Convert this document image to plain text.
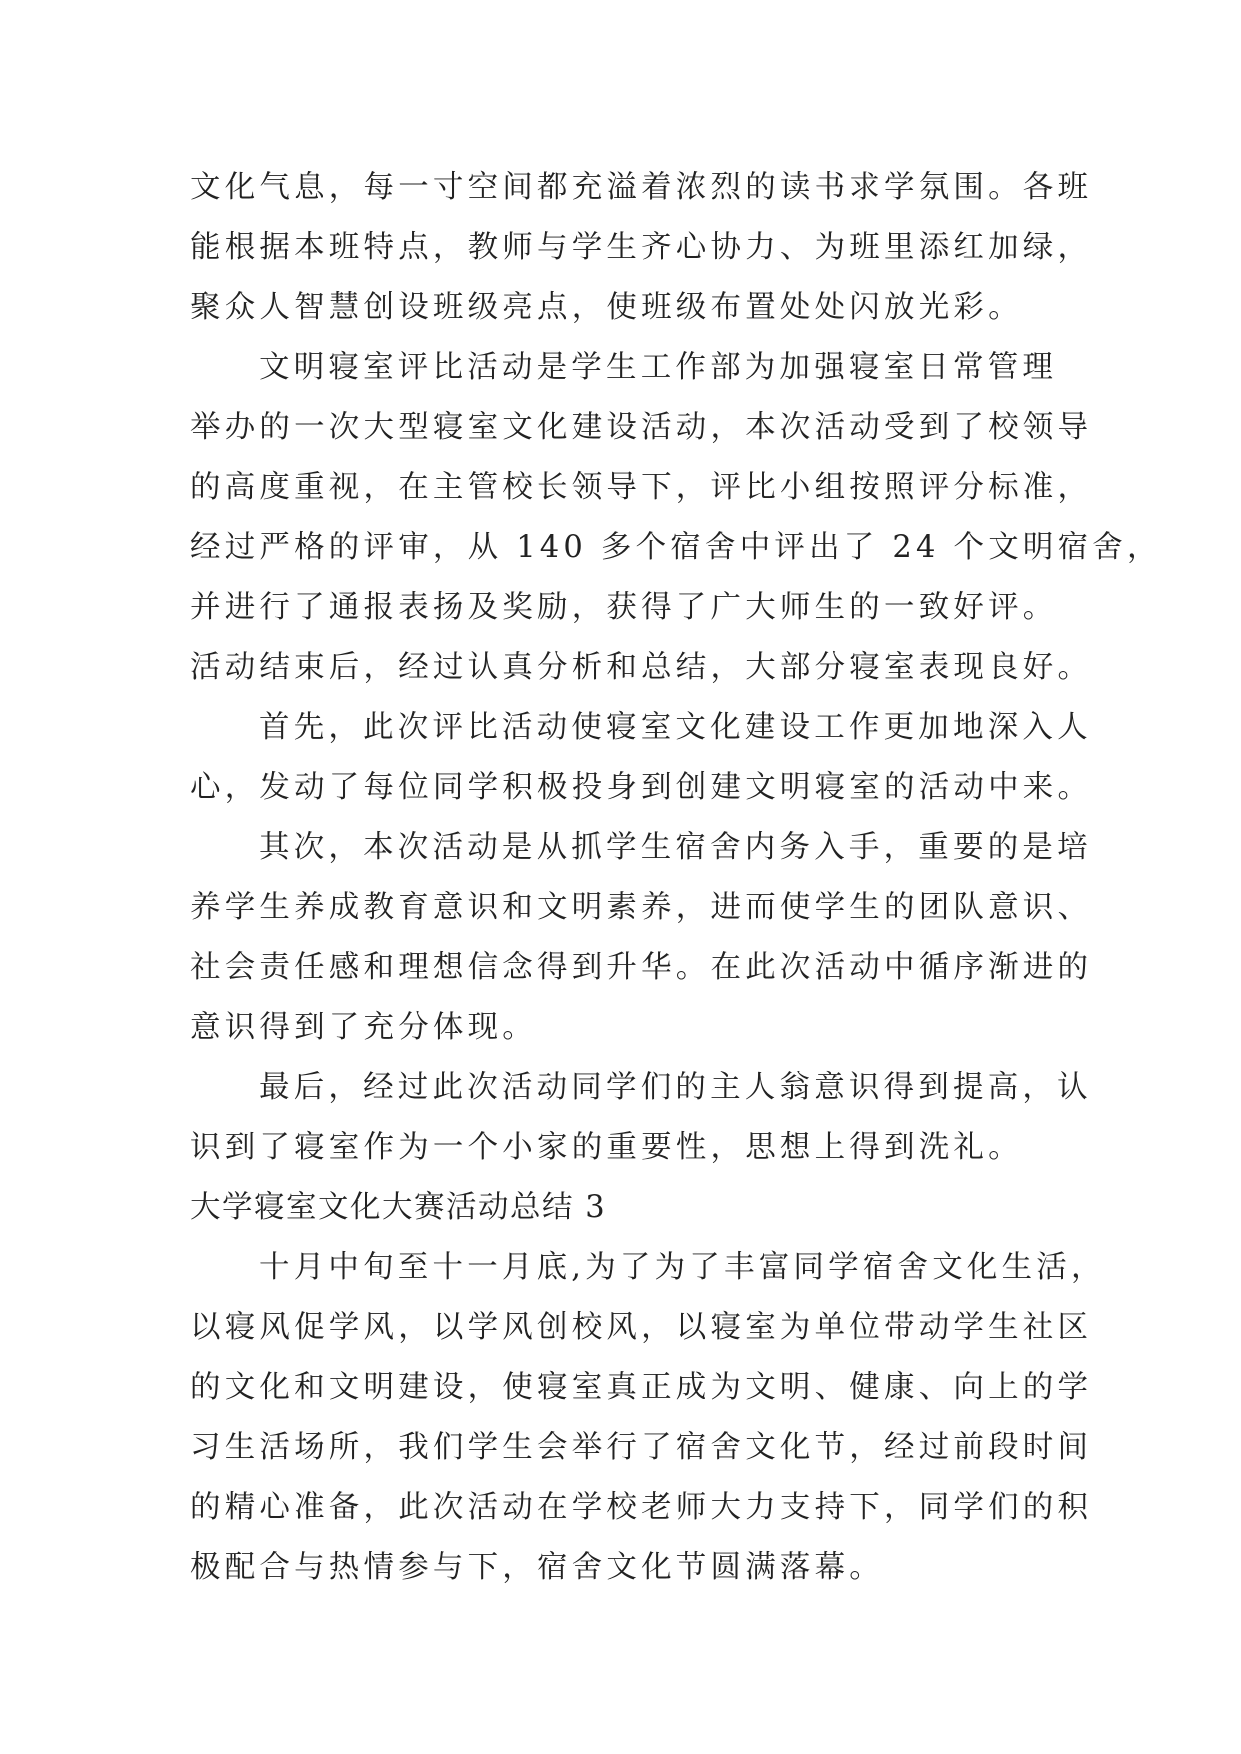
文化气息，每一寸空间都充溢着浓烈的读书求学氛围。各班
能根据本班特点，教师与学生齐心协力、为班里添红加绿，
聚众人智慧创设班级亮点，使班级布置处处闪放光彩。
文明寝室评比活动是学生工作部为加强寝室日常管理
举办的一次大型寝室文化建设活动，本次活动受到了校领导
的高度重视，在主管校长领导下，评比小组按照评分标准，
经过严格的评审，从 140 多个宿舍中评出了 24 个文明宿舍，
并进行了通报表扬及奖励，获得了广大师生的一致好评。
活动结束后，经过认真分析和总结，大部分寝室表现良好。
首先，此次评比活动使寝室文化建设工作更加地深入人
心，发动了每位同学积极投身到创建文明寝室的活动中来。
其次，本次活动是从抓学生宿舍内务入手，重要的是培
养学生养成教育意识和文明素养，进而使学生的团队意识、
社会责任感和理想信念得到升华。在此次活动中循序渐进的
意识得到了充分体现。
最后，经过此次活动同学们的主人翁意识得到提高，认
识到了寝室作为一个小家的重要性，思想上得到洗礼。
大学寝室文化大赛活动总结 3
十月中旬至十一月底,为了为了丰富同学宿舍文化生活，
以寝风促学风，以学风创校风，以寝室为单位带动学生社区
的文化和文明建设，使寝室真正成为文明、健康、向上的学
习生活场所，我们学生会举行了宿舍文化节，经过前段时间
的精心准备，此次活动在学校老师大力支持下，同学们的积
极配合与热情参与下，宿舍文化节圆满落幕。
